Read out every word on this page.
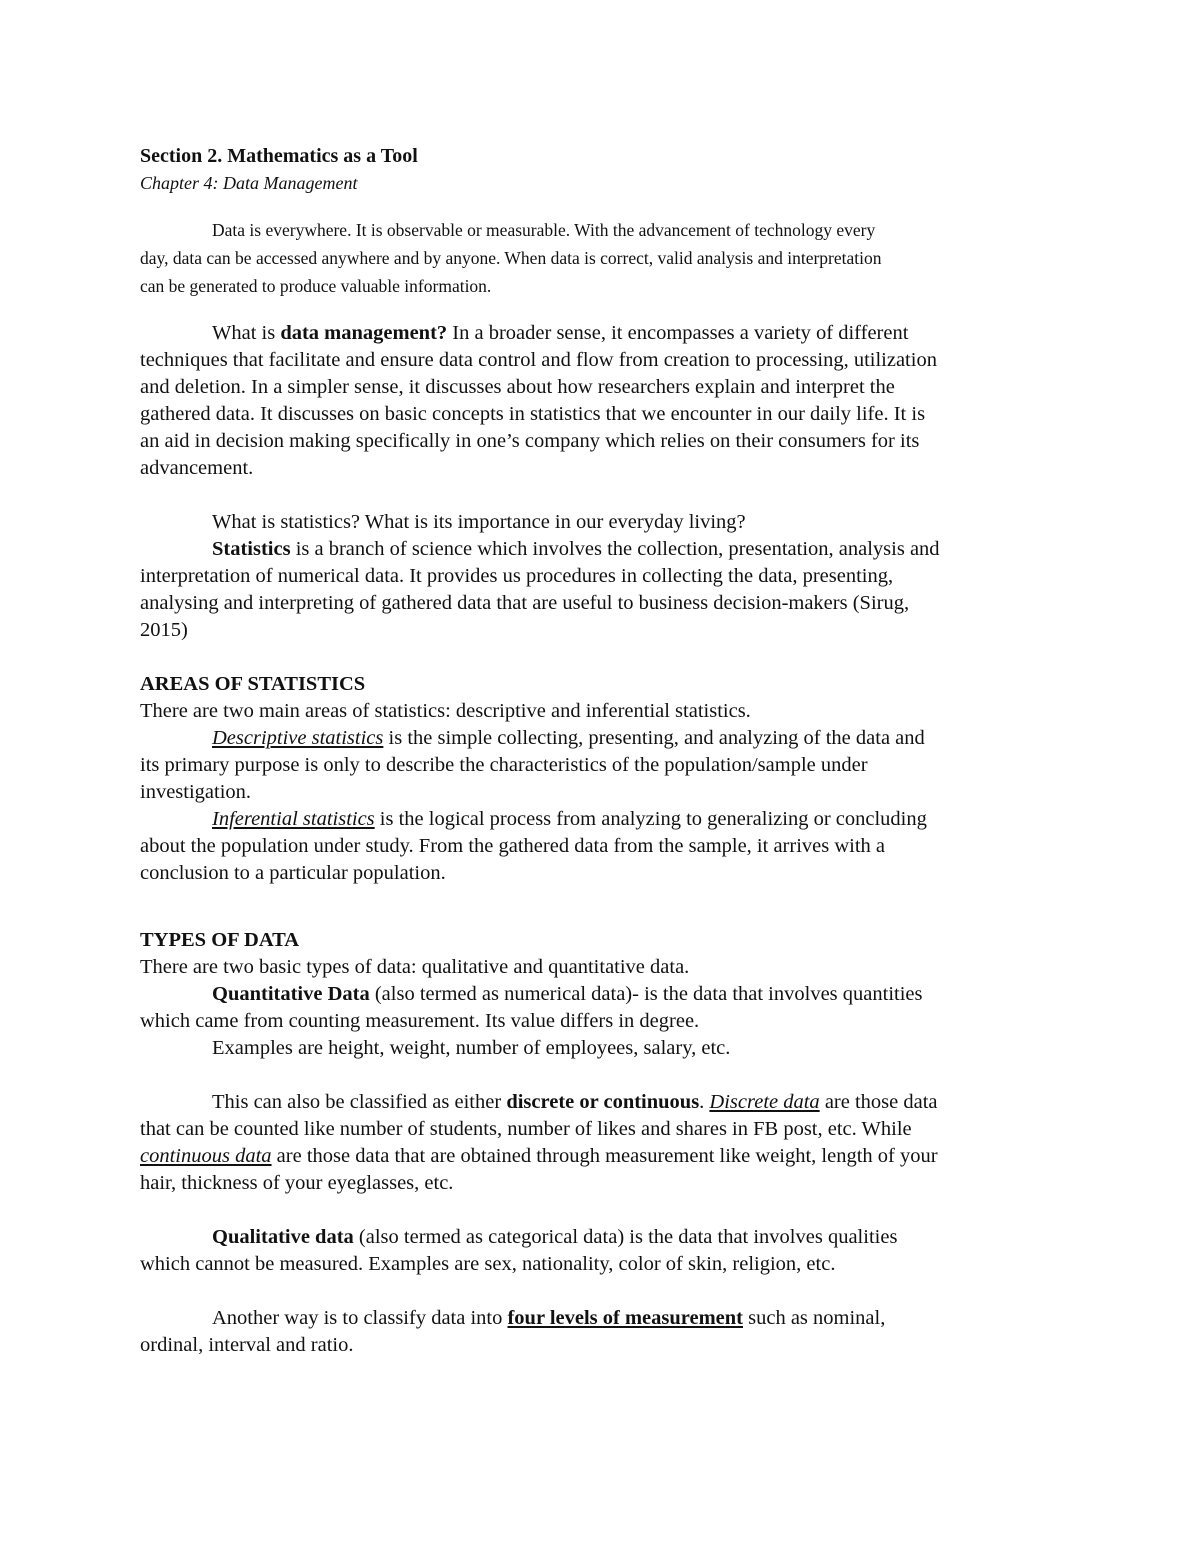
Section 2. Mathematics as a Tool
Chapter 4: Data Management
Data is everywhere. It is observable or measurable. With the advancement of technology every
day, data can be accessed anywhere and by anyone. When data is correct, valid analysis and interpretation
can be generated to produce valuable information.
What is data management? In a broader sense, it encompasses a variety of different
techniques that facilitate and ensure data control and flow from creation to processing, utilization
and deletion. In a simpler sense, it discusses about how researchers explain and interpret the
gathered data. It discusses on basic concepts in statistics that we encounter in our daily life. It is
an aid in decision making specifically in one’s company which relies on their consumers for its
advancement.
What is statistics? What is its importance in our everyday living?
Statistics is a branch of science which involves the collection, presentation, analysis and
interpretation of numerical data. It provides us procedures in collecting the data, presenting,
analysing and interpreting of gathered data that are useful to business decision-makers (Sirug,
2015)
AREAS OF STATISTICS
There are two main areas of statistics: descriptive and inferential statistics.
Descriptive statistics is the simple collecting, presenting, and analyzing of the data and
its primary purpose is only to describe the characteristics of the population/sample under
investigation.
Inferential statistics is the logical process from analyzing to generalizing or concluding
about the population under study. From the gathered data from the sample, it arrives with a
conclusion to a particular population.
TYPES OF DATA
There are two basic types of data: qualitative and quantitative data.
Quantitative Data (also termed as numerical data)- is the data that involves quantities
which came from counting measurement. Its value differs in degree.
Examples are height, weight, number of employees, salary, etc.
This can also be classified as either discrete or continuous. Discrete data are those data
that can be counted like number of students, number of likes and shares in FB post, etc. While
continuous data are those data that are obtained through measurement like weight, length of your
hair, thickness of your eyeglasses, etc.
Qualitative data (also termed as categorical data) is the data that involves qualities
which cannot be measured. Examples are sex, nationality, color of skin, religion, etc.
Another way is to classify data into four levels of measurement such as nominal,
ordinal, interval and ratio.
